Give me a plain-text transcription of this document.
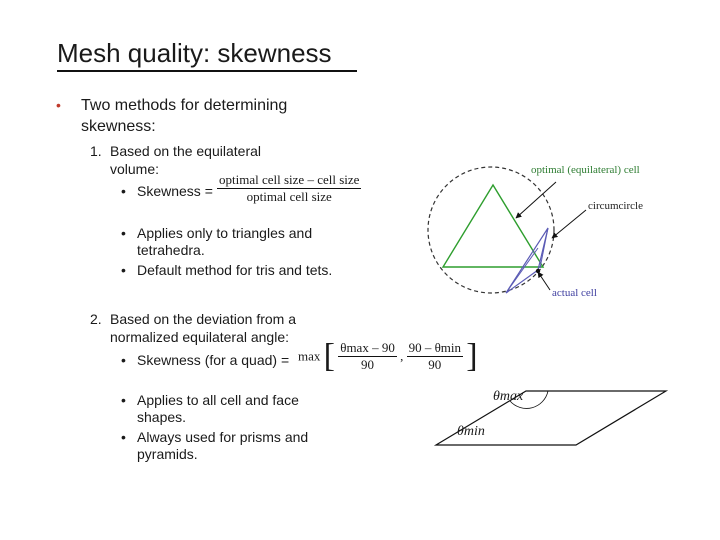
Mesh quality: skewness
• Two methods for determining
skewness:
1. Based on the equilateral
volume:
• Skewness = $\frac{\text{optimal cell size – cell size}}{\text{optimal cell size}}$
• Applies only to triangles and
tetrahedra.
• Default method for tris and tets.
2. Based on the deviation from a
normalized equilateral angle:
• Skewness (for a quad) = max [ $\frac{\theta\max - 90}{90}$ , $\frac{90 - \theta\min}{90}$ ]
• Applies to all cell and face
shapes.
• Always used for prisms and
pyramids.
optimal (equilateral) cell
circumcircle
actual cell
θmax
θmin
